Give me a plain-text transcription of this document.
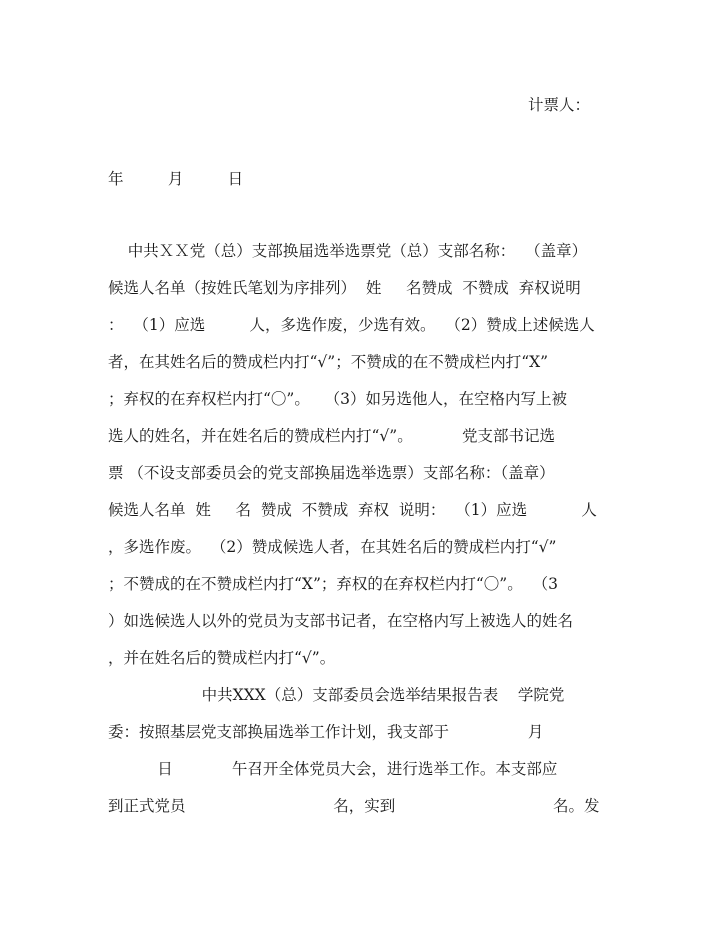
计票人：
年         月         日
中共ＸＸ党（总）支部换届选举选票党（总）支部名称：  （盖章）
候选人名单（按姓氏笔划为序排列）  姓     名赞成  不赞成  弃权说明
：  （1）应选         人，多选作废，少选有效。  （2）赞成上述候选人
者，在其姓名后的赞成栏内打“√”；不赞成的在不赞成栏内打“X”
；弃权的在弃权栏内打“〇”。   （3）如另选他人，在空格内写上被
选人的姓名，并在姓名后的赞成栏内打“√”。          党支部书记选
票 （不设支部委员会的党支部换届选举选票）支部名称：（盖章）
候选人名单  姓     名  赞成  不赞成  弃权  说明：  （1）应选           人
，多选作废。  （2）赞成候选人者，在其姓名后的赞成栏内打“√”
；不赞成的在不赞成栏内打“X”；弃权的在弃权栏内打“〇”。  （3
）如选候选人以外的党员为支部书记者，在空格内写上被选人的姓名
，并在姓名后的赞成栏内打“√”。
中共XXX（总）支部委员会选举结果报告表    学院党
委：按照基层党支部换届选举工作计划，我支部于                月
日            午召开全体党员大会，进行选举工作。本支部应
到正式党员                              名，实到                                名。发
